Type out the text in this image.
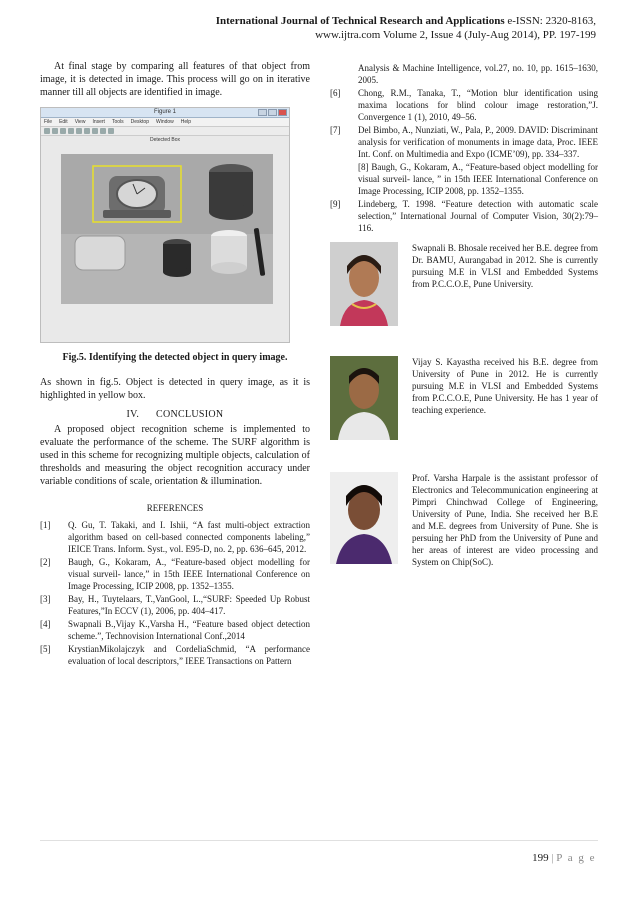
International Journal of Technical Research and Applications e-ISSN: 2320-8163,
www.ijtra.com Volume 2, Issue 4 (July-Aug 2014), PP. 197-199

At final stage by comparing all features of that object from image, it is detected in image. This process will go on in iterative manner till all objects are identified in image.

Figure 1
File Edit View Insert Tools Desktop Window Help
Detected Box

Fig.5. Identifying the detected object in query image.

As shown in fig.5. Object is detected in query image, as it is highlighted in yellow box.

IV.      CONCLUSION

A proposed object recognition scheme is implemented to evaluate the performance of the scheme. The SURF algorithm is used in this scheme for recognizing multiple objects, calculation of thresholds and measuring the object recognition accuracy under variable conditions of scale, orientation & illumination.

REFERENCES

[1]	Q. Gu, T. Takaki, and I. Ishii, “A fast multi-object extraction algorithm based on cell-based connected components labeling,” IEICE Trans. Inform. Syst., vol. E95-D, no. 2, pp. 636–645, 2012.
[2]	Baugh, G., Kokaram, A., “Feature-based object modelling for visual surveil- lance,” in 15th IEEE International Conference on Image Processing, ICIP 2008, pp. 1352–1355.
[3]	Bay, H., Tuytelaars, T.,VanGool, L.,“SURF: Speeded Up Robust Features,”In ECCV (1), 2006, pp. 404–417.
[4]	Swapnali B.,Vijay K.,Varsha H., “Feature based object detection scheme.”, Technovision International Conf.,2014
[5]	KrystianMikolajczyk and CordeliaSchmid, “A performance evaluation of local descriptors,” IEEE Transactions on Pattern
Analysis & Machine Intelligence, vol.27, no. 10, pp. 1615–1630, 2005.
[6]	Chong, R.M., Tanaka, T., “Motion blur identification using maxima locations for blind colour image restoration,”J. Convergence 1 (1), 2010, 49–56.
[7]	Del Bimbo, A., Nunziati, W., Pala, P., 2009. DAVID: Discriminant analysis for verification of monuments in image data, Proc. IEEE Int. Conf. on Multimedia and Expo (ICME’09), pp. 334–337.
[8] Baugh, G., Kokaram, A., “Feature-based object modelling for visual surveil- lance, ” in 15th IEEE International Conference on Image Processing, ICIP 2008, pp. 1352–1355.
[9]	Lindeberg, T. 1998. “Feature detection with automatic scale selection,” International Journal of Computer Vision, 30(2):79–116.
Swapnali B. Bhosale received her B.E. degree from Dr. BAMU, Aurangabad in 2012. She is currently pursuing M.E in VLSI and Embedded Systems from P.C.C.O.E, Pune University.
Vijay S. Kayastha received his B.E. degree from University of Pune in 2012. He is currently pursuing M.E in VLSI and Embedded Systems from P.C.C.O.E, Pune University. He has 1 year of teaching experience.
Prof. Varsha Harpale is the assistant professor of Electronics and Telecommunication engineering at Pimpri Chinchwad College of Engineering, University of Pune, India. She received her B.E and M.E. degrees from University of Pune. She is persuing her PhD from the University of Pune and her areas of interest are video processing and System on Chip(SoC).
199 | P a g e
